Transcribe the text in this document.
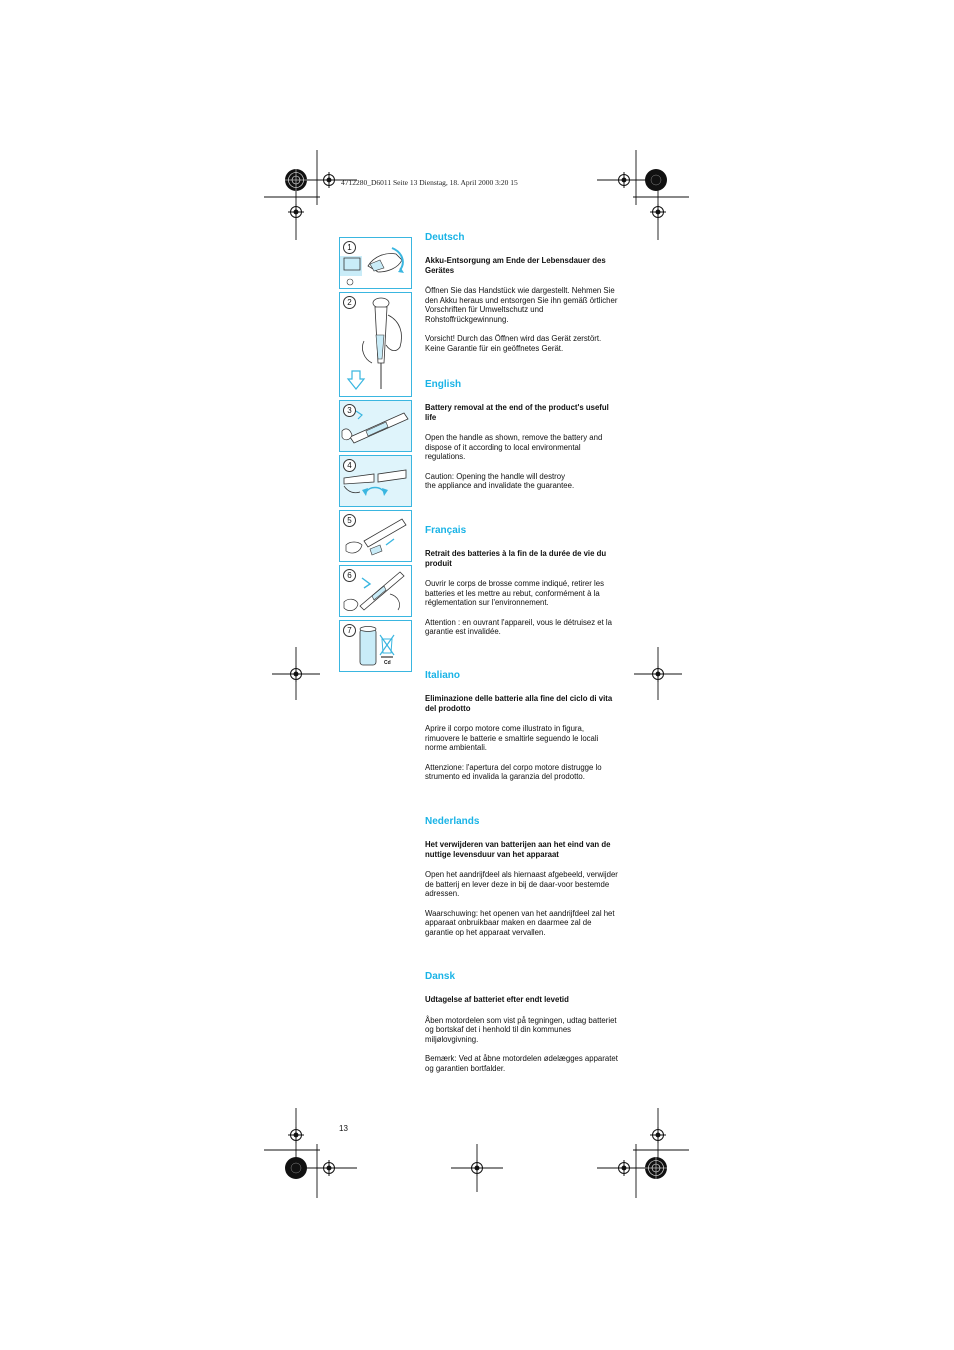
4712280_D6011 Seite 13 Dienstag, 18. April 2000 3:20 15
1
2
3
4
5
6
7
Cd
Deutsch
Akku-Entsorgung am Ende der Lebensdauer des Gerätes
Öffnen Sie das Handstück wie dargestellt. Nehmen Sie den Akku heraus und entsorgen Sie ihn gemäß örtlicher Vorschriften für Umweltschutz und Rohstoffrückgewinnung.
Vorsicht! Durch das Öffnen wird das Gerät zerstört. Keine Garantie für ein geöffnetes Gerät.
English
Battery removal at the end of the product's useful life
Open the handle as shown, remove the battery and dispose of it according to local environmental regulations.
Caution: Opening the handle will destroy
the appliance and invalidate the guarantee.
Français
Retrait des batteries à la fin de la durée de vie du produit
Ouvrir le corps de brosse comme indiqué, retirer les batteries et les mettre au rebut, conformément à la réglementation sur l'environnement.
Attention : en ouvrant l'appareil, vous le détruisez et la garantie est invalidée.
Italiano
Eliminazione delle batterie alla fine del ciclo di vita del prodotto
Aprire il corpo motore come illustrato in figura, rimuovere le batterie e smaltirle seguendo le locali norme ambientali.
Attenzione: l'apertura del corpo motore distrugge lo strumento ed invalida la garanzia del prodotto.
Nederlands
Het verwijderen van batterijen aan het eind van de nuttige levensduur van het apparaat
Open het aandrijfdeel als hiernaast afgebeeld, verwijder de batterij en lever deze in bij de daar-voor bestemde adressen.
Waarschuwing: het openen van het aandrijfdeel zal het apparaat onbruikbaar maken en daarmee zal de garantie op het apparaat vervallen.
Dansk
Udtagelse af batteriet efter endt levetid
Åben motordelen som vist på tegningen, udtag batteriet og bortskaf det i henhold til din kommunes miljølovgivning.
Bemærk: Ved at åbne motordelen ødelægges apparatet og garantien bortfalder.
13
